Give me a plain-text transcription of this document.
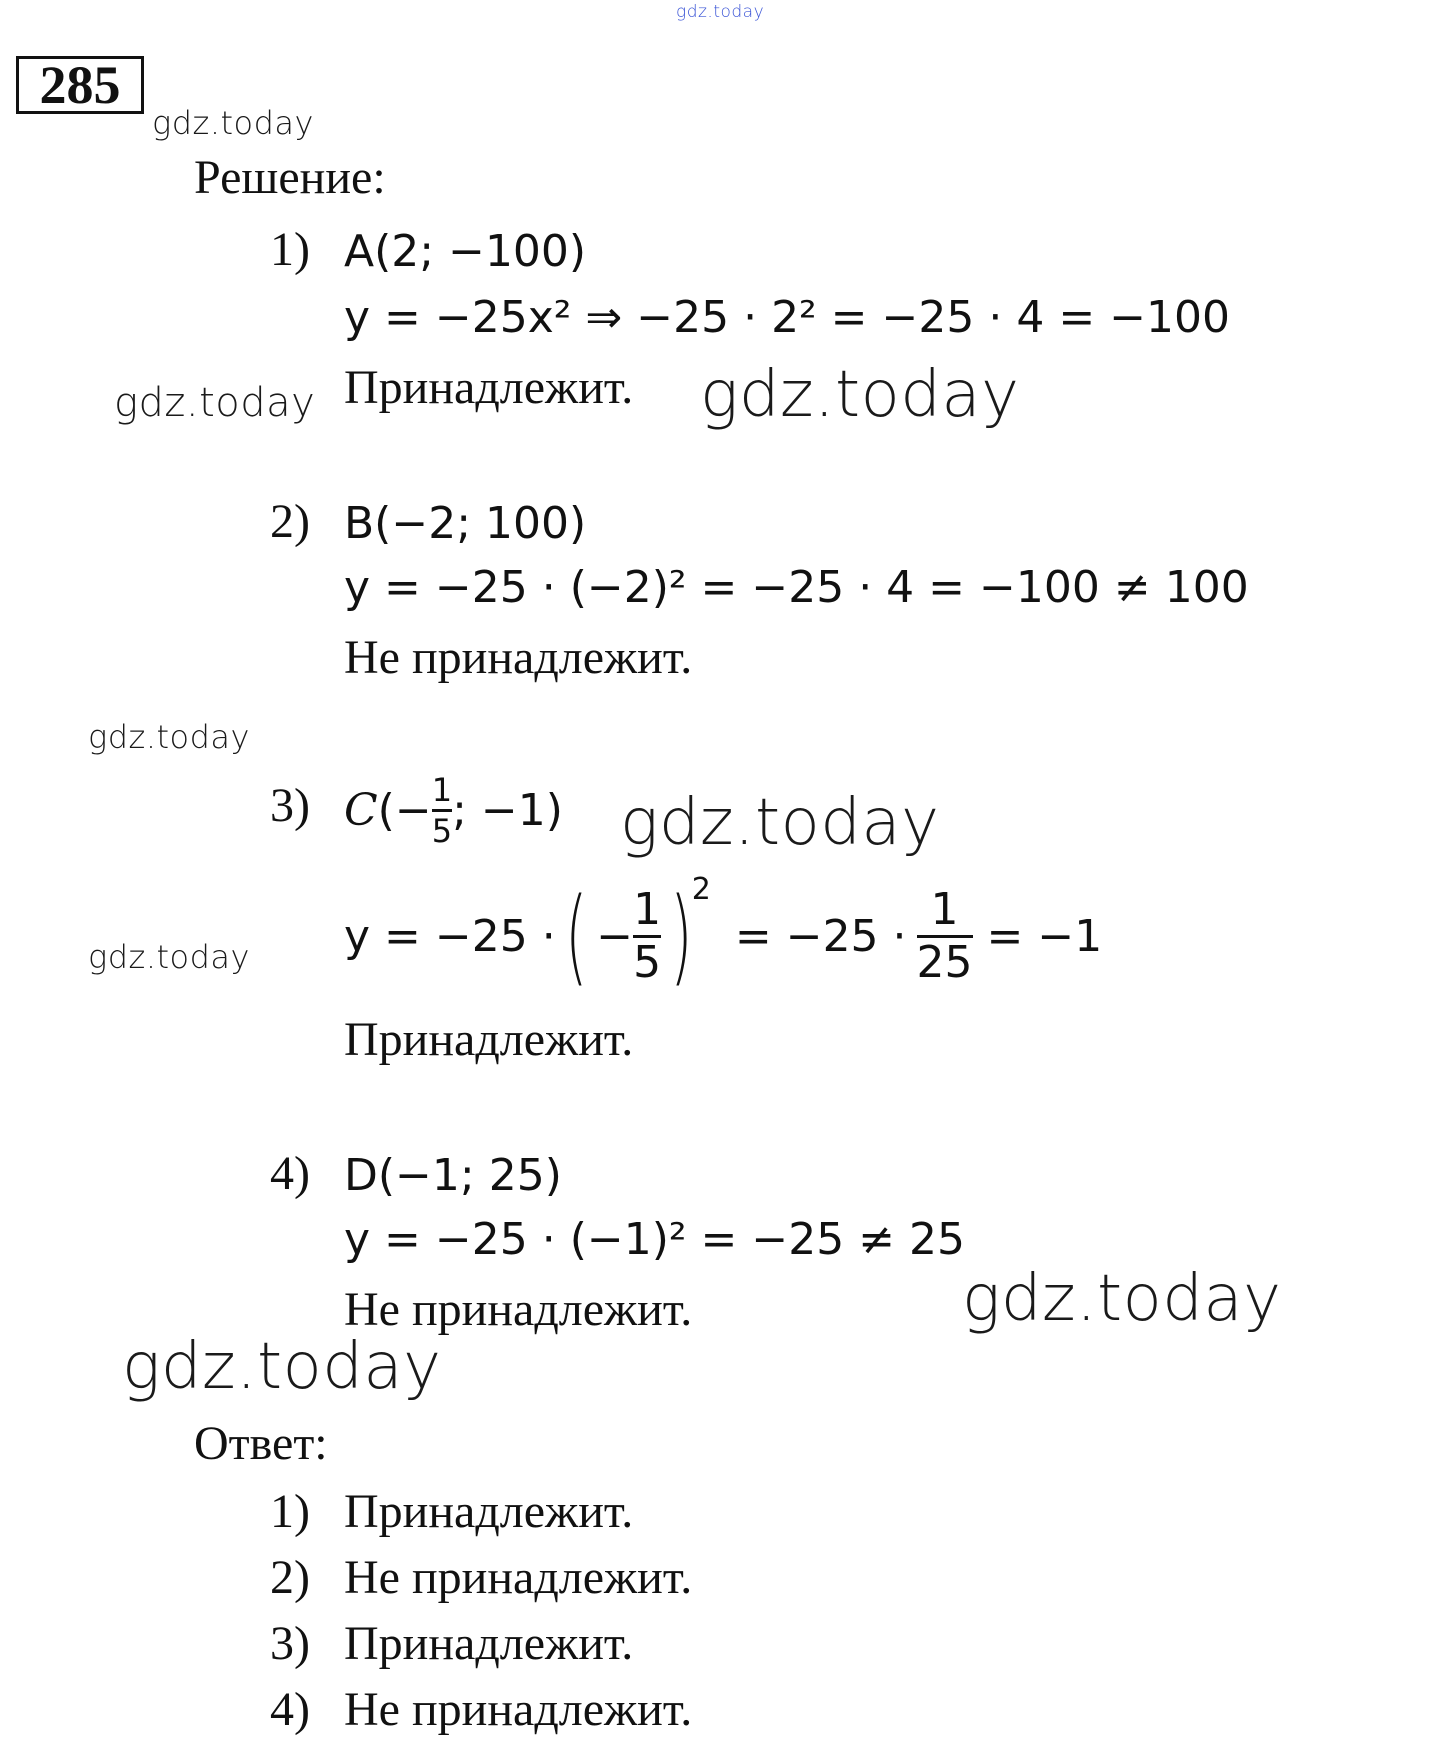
gdz.today
gdz.today
gdz.today	gdz.today
gdz.today
gdz.today
gdz.today
gdz.today
gdz.today
285
Решение:
1) A(2; −100)
y = −25x² ⇒ −25 · 2² = −25 · 4 = −100
Принадлежит.
2) B(−2; 100)
y = −25 · (−2)² = −25 · 4 = −100 ≠ 100
Не принадлежит.
3) C (− $\frac{1}{5}$ ; −1 )
y = −25 · ( − $\frac{1}{5}$ ) 2
= $-25 \cdot \frac{1}{25} = -1$
Принадлежит.
4) D(−1; 25)
y = −25 · (−1)² = −25 ≠ 25
Не принадлежит.
Ответ:
1) Принадлежит.
2) Не принадлежит.
3) Принадлежит.
4) Не принадлежит.
